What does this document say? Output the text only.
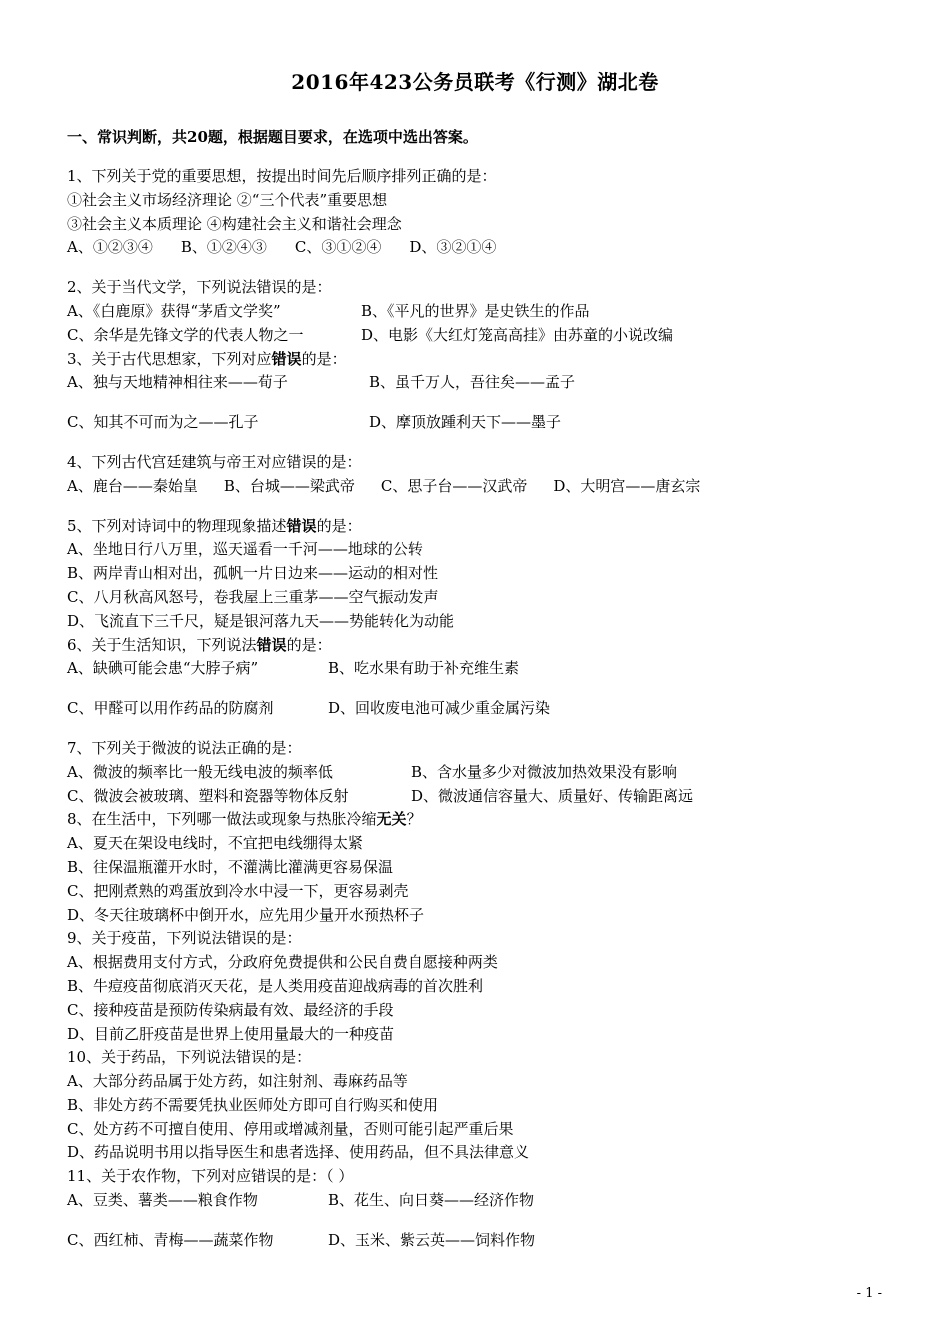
2016年423公务员联考《行测》湖北卷
一、常识判断，共20题，根据题目要求，在选项中选出答案。
1、下列关于党的重要思想，按提出时间先后顺序排列正确的是：
①社会主义市场经济理论 ②“三个代表”重要思想
③社会主义本质理论 ④构建社会主义和谐社会理念
A、①②③④ B、①②④③ C、③①②④ D、③②①④
2、关于当代文学，下列说法错误的是：
A、《白鹿原》获得“茅盾文学奖”	B、《平凡的世界》是史铁生的作品
C、余华是先锋文学的代表人物之一	D、电影《大红灯笼高高挂》由苏童的小说改编
3、关于古代思想家，下列对应错误的是：
A、独与天地精神相往来——荀子	B、虽千万人，吾往矣——孟子
C、知其不可而为之——孔子	D、摩顶放踵利天下——墨子
4、下列古代宫廷建筑与帝王对应错误的是：
A、鹿台——秦始皇 B、台城——梁武帝 C、思子台——汉武帝 D、大明宫——唐玄宗
5、下列对诗词中的物理现象描述错误的是：
A、坐地日行八万里，巡天遥看一千河——地球的公转
B、两岸青山相对出，孤帆一片日边来——运动的相对性
C、八月秋高风怒号，卷我屋上三重茅——空气振动发声
D、飞流直下三千尺，疑是银河落九天——势能转化为动能
6、关于生活知识，下列说法错误的是：
A、缺碘可能会患“大脖子病”	B、吃水果有助于补充维生素
C、甲醛可以用作药品的防腐剂	D、回收废电池可减少重金属污染
7、下列关于微波的说法正确的是：
A、微波的频率比一般无线电波的频率低	B、含水量多少对微波加热效果没有影响
C、微波会被玻璃、塑料和瓷器等物体反射	D、微波通信容量大、质量好、传输距离远
8、在生活中，下列哪一做法或现象与热胀冷缩无关？
A、夏天在架设电线时，不宜把电线绷得太紧
B、往保温瓶灌开水时，不灌满比灌满更容易保温
C、把刚煮熟的鸡蛋放到冷水中浸一下，更容易剥壳
D、冬天往玻璃杯中倒开水，应先用少量开水预热杯子
9、关于疫苗，下列说法错误的是：
A、根据费用支付方式，分政府免费提供和公民自费自愿接种两类
B、牛痘疫苗彻底消灭天花，是人类用疫苗迎战病毒的首次胜利
C、接种疫苗是预防传染病最有效、最经济的手段
D、目前乙肝疫苗是世界上使用量最大的一种疫苗
10、关于药品，下列说法错误的是：
A、大部分药品属于处方药，如注射剂、毒麻药品等
B、非处方药不需要凭执业医师处方即可自行购买和使用
C、处方药不可擅自使用、停用或增减剂量，否则可能引起严重后果
D、药品说明书用以指导医生和患者选择、使用药品，但不具法律意义
11、关于农作物，下列对应错误的是：（ ）
A、豆类、薯类——粮食作物	B、花生、向日葵——经济作物
C、西红柿、青梅——蔬菜作物	D、玉米、紫云英——饲料作物
- 1 -
